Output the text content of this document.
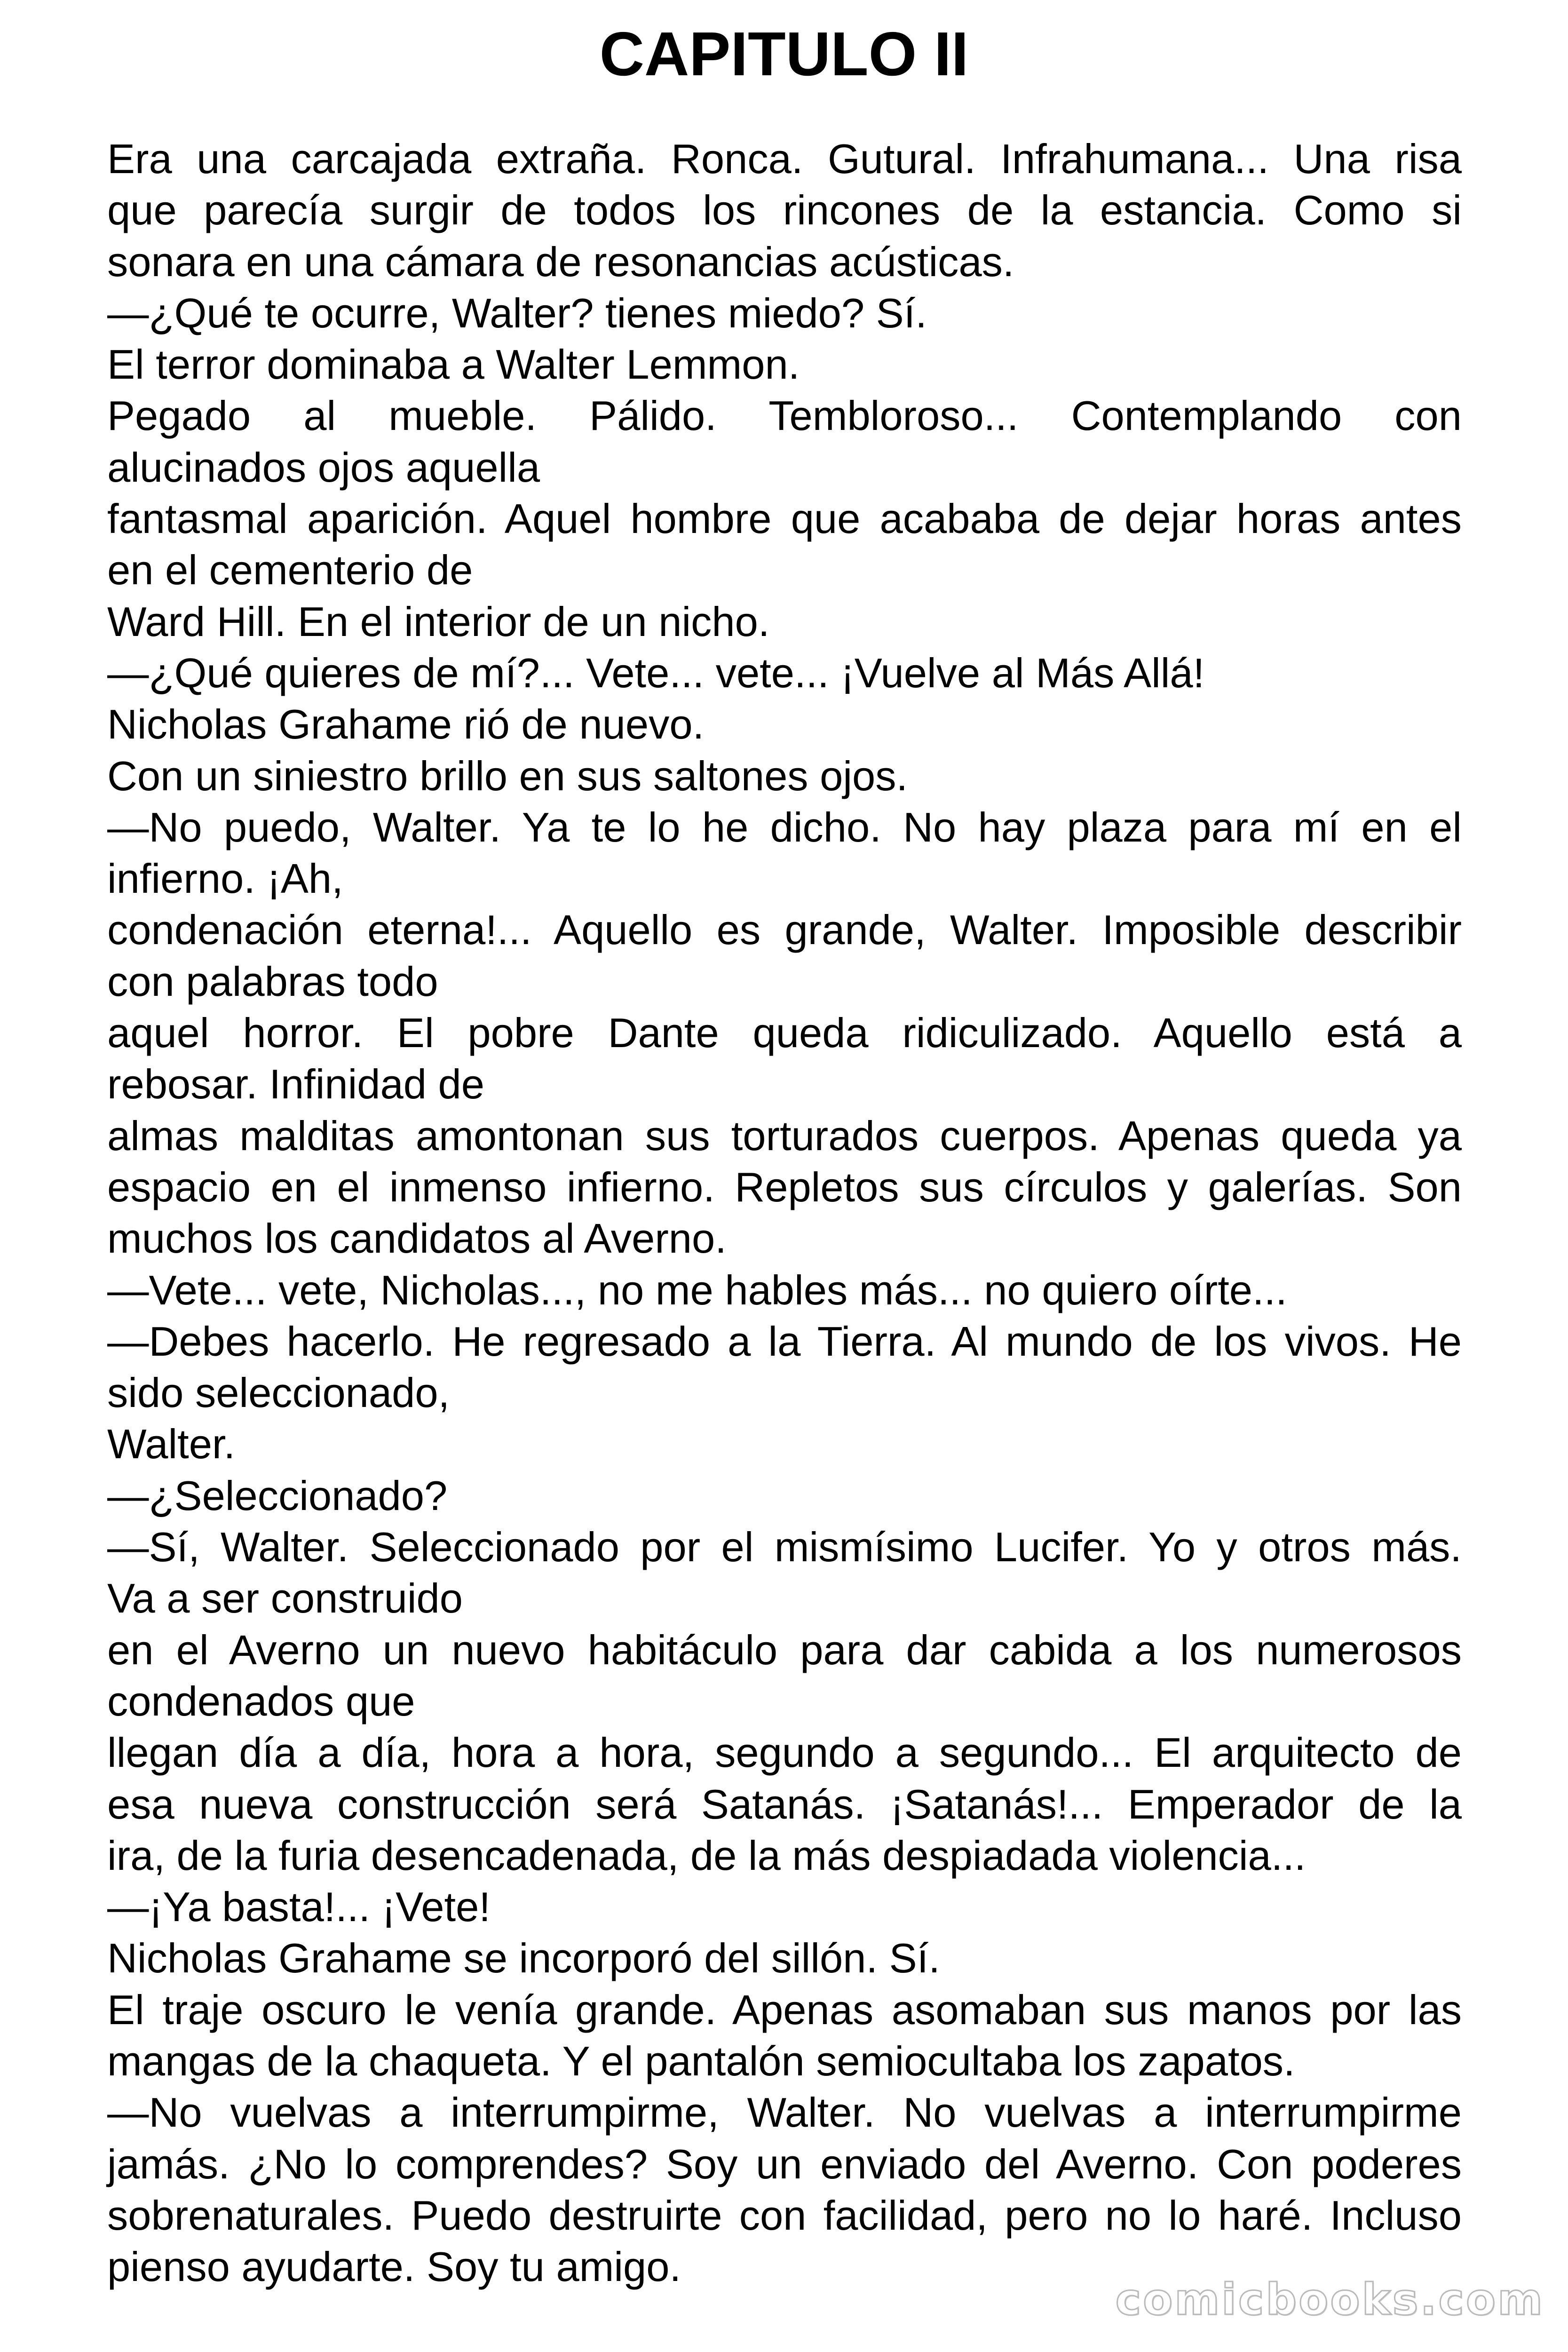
CAPITULO II

Era una carcajada extraña. Ronca. Gutural. Infrahumana... Una risa

que parecía surgir de todos los rincones de la estancia. Como si

sonara en una cámara de resonancias acústicas.

—¿Qué te ocurre, Walter? tienes miedo? Sí.

El terror dominaba a Walter Lemmon.

Pegado al mueble. Pálido. Tembloroso... Contemplando con

alucinados ojos aquella

fantasmal aparición. Aquel hombre que acababa de dejar horas antes

en el cementerio de

Ward Hill. En el interior de un nicho.

—¿Qué quieres de mí?... Vete... vete... ¡Vuelve al Más Allá!

Nicholas Grahame rió de nuevo.

Con un siniestro brillo en sus saltones ojos.

—No puedo, Walter. Ya te lo he dicho. No hay plaza para mí en el

infierno. ¡Ah,

condenación eterna!... Aquello es grande, Walter. Imposible describir

con palabras todo

aquel horror. El pobre Dante queda ridiculizado. Aquello está a

rebosar. Infinidad de

almas malditas amontonan sus torturados cuerpos. Apenas queda ya

espacio en el inmenso infierno. Repletos sus círculos y galerías. Son

muchos los candidatos al Averno.

—Vete... vete, Nicholas..., no me hables más... no quiero oírte...

—Debes hacerlo. He regresado a la Tierra. Al mundo de los vivos. He

sido seleccionado,

Walter.

—¿Seleccionado?

—Sí, Walter. Seleccionado por el mismísimo Lucifer. Yo y otros más.

Va a ser construido

en el Averno un nuevo habitáculo para dar cabida a los numerosos

condenados que

llegan día a día, hora a hora, segundo a segundo... El arquitecto de

esa nueva construcción será Satanás. ¡Satanás!... Emperador de la

ira, de la furia desencadenada, de la más despiadada violencia...

—¡Ya basta!... ¡Vete!

Nicholas Grahame se incorporó del sillón. Sí.

El traje oscuro le venía grande. Apenas asomaban sus manos por las

mangas de la chaqueta. Y el pantalón semiocultaba los zapatos.

—No vuelvas a interrumpirme, Walter. No vuelvas a interrumpirme

jamás. ¿No lo comprendes? Soy un enviado del Averno. Con poderes

sobrenaturales. Puedo destruirte con facilidad, pero no lo haré. Incluso

pienso ayudarte. Soy tu amigo.

comicbooks.com
